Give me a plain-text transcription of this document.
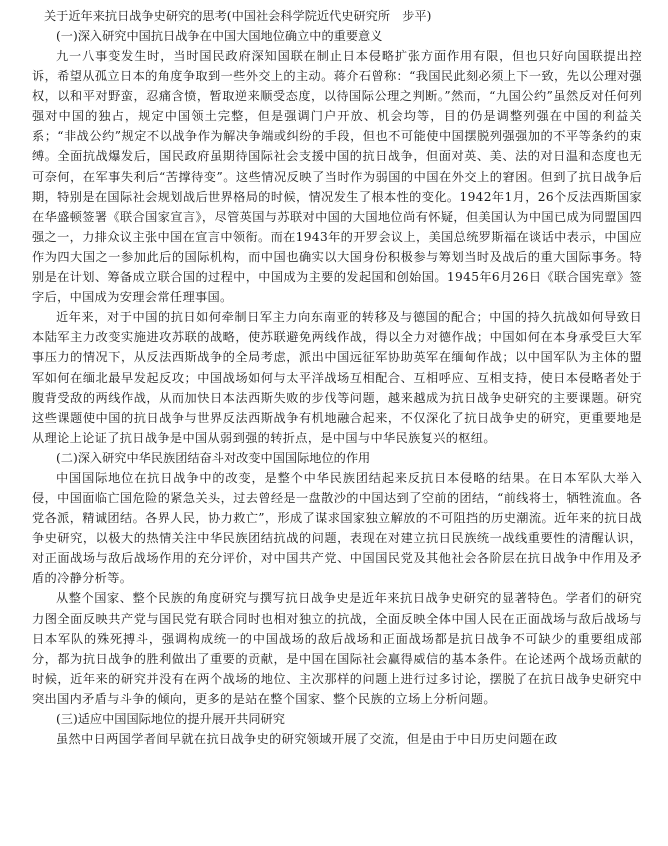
关于近年来抗日战争史研究的思考(中国社会科学院近代史研究所　步平)

(一)深入研究中国抗日战争在中国大国地位确立中的重要意义

九一八事变发生时，当时国民政府深知国联在制止日本侵略扩张方面作用有限，但也只好向国联提出控诉，希望从孤立日本的角度争取到一些外交上的主动。蒋介石曾称：“我国民此刻必须上下一致，先以公理对强权，以和平对野蛮，忍痛含愤，暂取逆来顺受态度，以待国际公理之判断。”然而，“九国公约”虽然反对任何列强对中国的独占，规定中国领土完整，但是强调门户开放、机会均等，目的仍是调整列强在中国的利益关系；“非战公约”规定不以战争作为解决争端或纠纷的手段，但也不可能使中国摆脱列强强加的不平等条约的束缚。全面抗战爆发后，国民政府虽期待国际社会支援中国的抗日战争，但面对英、美、法的对日温和态度也无可奈何，在军事失利后“苦撑待变”。这些情况反映了当时作为弱国的中国在外交上的窘困。但到了抗日战争后期，特别是在国际社会规划战后世界格局的时候，情况发生了根本性的变化。1942年1月，26个反法西斯国家在华盛顿签署《联合国家宣言》，尽管英国与苏联对中国的大国地位尚有怀疑，但美国认为中国已成为同盟国四强之一，力排众议主张中国在宣言中领衔。而在1943年的开罗会议上，美国总统罗斯福在谈话中表示，中国应作为四大国之一参加此后的国际机构，而中国也确实以大国身份积极参与筹划当时及战后的重大国际事务。特别是在计划、筹备成立联合国的过程中，中国成为主要的发起国和创始国。1945年6月26日《联合国宪章》签字后，中国成为安理会常任理事国。

近年来，对于中国的抗日如何牵制日军主力向东南亚的转移及与德国的配合；中国的持久抗战如何导致日本陆军主力改变实施进攻苏联的战略，使苏联避免两线作战，得以全力对德作战；中国如何在本身承受巨大军事压力的情况下，从反法西斯战争的全局考虑，派出中国远征军协助英军在缅甸作战；以中国军队为主体的盟军如何在缅北最早发起反攻；中国战场如何与太平洋战场互相配合、互相呼应、互相支持，使日本侵略者处于腹背受敌的两线作战，从而加快日本法西斯失败的步伐等问题，越来越成为抗日战争史研究的主要课题。研究这些课题使中国的抗日战争与世界反法西斯战争有机地融合起来，不仅深化了抗日战争史的研究，更重要地是从理论上论证了抗日战争是中国从弱到强的转折点，是中国与中华民族复兴的枢纽。

(二)深入研究中华民族团结奋斗对改变中国国际地位的作用

中国国际地位在抗日战争中的改变，是整个中华民族团结起来反抗日本侵略的结果。在日本军队大举入侵，中国面临亡国危险的紧急关头，过去曾经是一盘散沙的中国达到了空前的团结，“前线将士，牺牲流血。各党各派，精诚团结。各界人民，协力救亡”，形成了谋求国家独立解放的不可阻挡的历史潮流。近年来的抗日战争史研究，以极大的热情关注中华民族团结抗战的问题，表现在对建立抗日民族统一战线重要性的清醒认识，对正面战场与敌后战场作用的充分评价，对中国共产党、中国国民党及其他社会各阶层在抗日战争中作用及矛盾的冷静分析等。

从整个国家、整个民族的角度研究与撰写抗日战争史是近年来抗日战争史研究的显著特色。学者们的研究力图全面反映共产党与国民党有联合同时也相对独立的抗战，全面反映全体中国人民在正面战场与敌后战场与日本军队的殊死搏斗，强调构成统一的中国战场的敌后战场和正面战场都是抗日战争不可缺少的重要组成部分，都为抗日战争的胜利做出了重要的贡献，是中国在国际社会赢得威信的基本条件。在论述两个战场贡献的时候，近年来的研究并没有在两个战场的地位、主次那样的问题上进行过多讨论，摆脱了在抗日战争史研究中突出国内矛盾与斗争的倾向，更多的是站在整个国家、整个民族的立场上分析问题。

(三)适应中国国际地位的提升展开共同研究

虽然中日两国学者间早就在抗日战争史的研究领域开展了交流，但是由于中日历史问题在政
